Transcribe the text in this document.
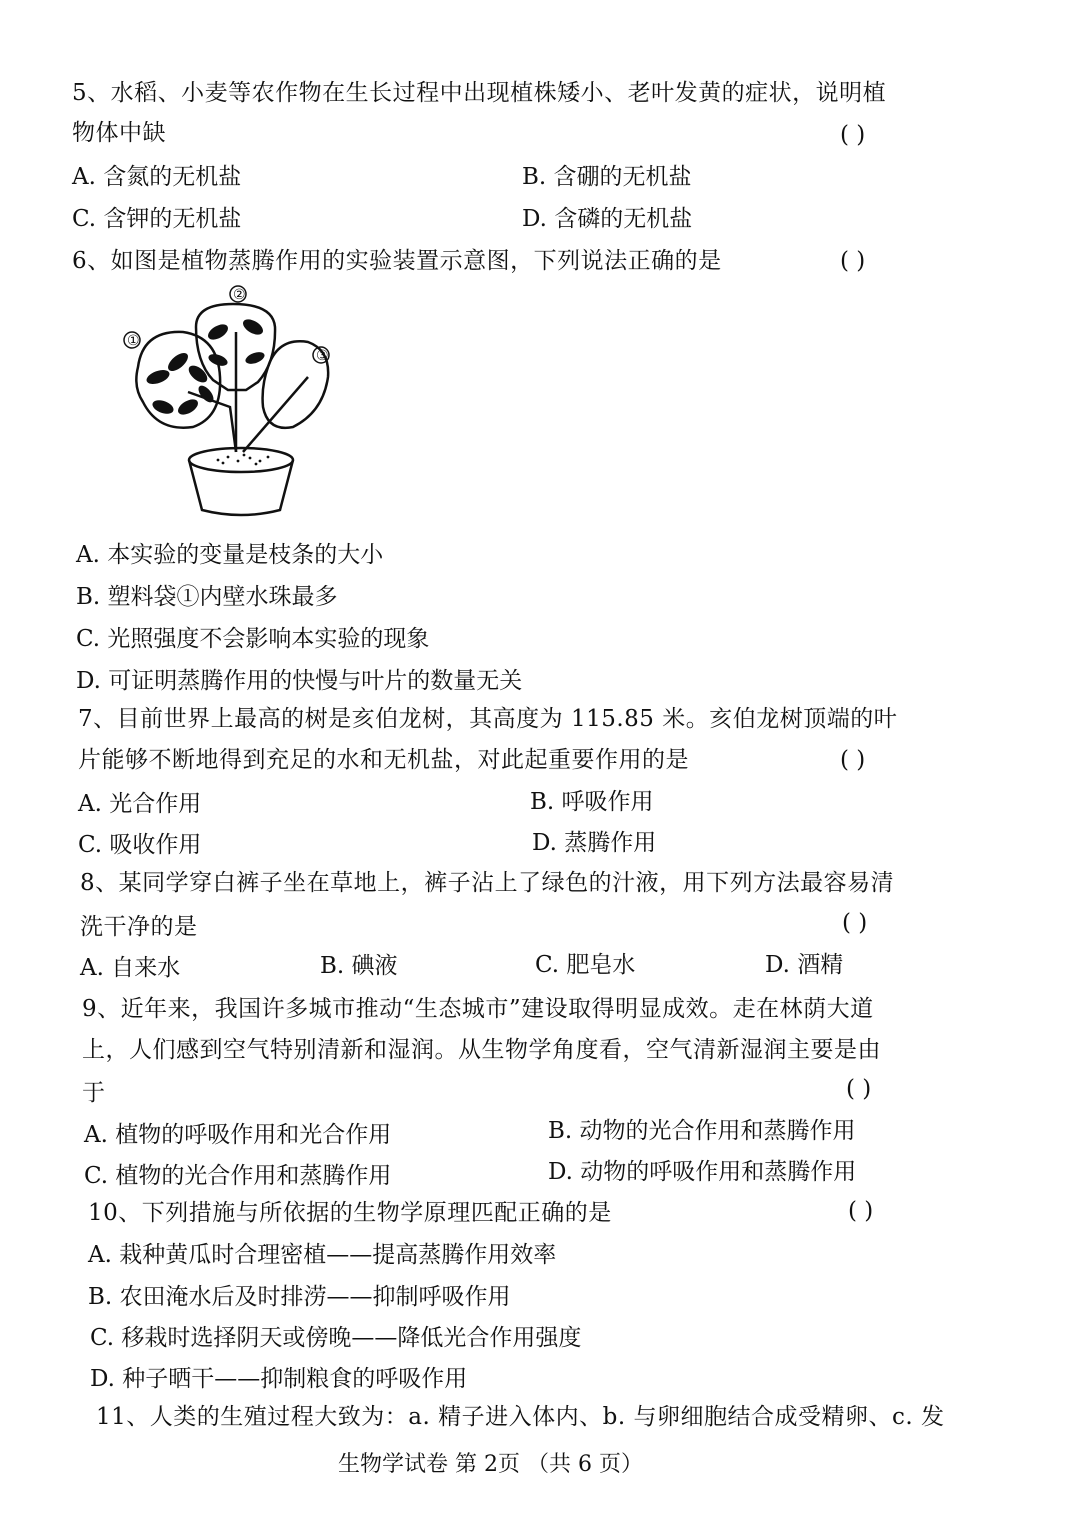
5、水稻、小麦等农作物在生长过程中出现植株矮小、老叶发黄的症状，说明植
物体中缺	( )
A. 含氮的无机盐	B. 含硼的无机盐
C. 含钾的无机盐	D. 含磷的无机盐
6、如图是植物蒸腾作用的实验装置示意图，下列说法正确的是	( )
①
②
③
A. 本实验的变量是枝条的大小
B. 塑料袋①内壁水珠最多
C. 光照强度不会影响本实验的现象
D. 可证明蒸腾作用的快慢与叶片的数量无关
7、目前世界上最高的树是亥伯龙树，其高度为 115.85 米。亥伯龙树顶端的叶
片能够不断地得到充足的水和无机盐，对此起重要作用的是	( )
A. 光合作用	B. 呼吸作用
C. 吸收作用	D. 蒸腾作用
8、某同学穿白裤子坐在草地上，裤子沾上了绿色的汁液，用下列方法最容易清
洗干净的是	( )
A. 自来水	B. 碘液	C. 肥皂水	D. 酒精
9、近年来，我国许多城市推动“生态城市”建设取得明显成效。走在林荫大道
上，人们感到空气特别清新和湿润。从生物学角度看，空气清新湿润主要是由
于	( )
A. 植物的呼吸作用和光合作用	B. 动物的光合作用和蒸腾作用
C. 植物的光合作用和蒸腾作用	D. 动物的呼吸作用和蒸腾作用
10、下列措施与所依据的生物学原理匹配正确的是	( )
A. 栽种黄瓜时合理密植——提高蒸腾作用效率
B. 农田淹水后及时排涝——抑制呼吸作用
C. 移栽时选择阴天或傍晚——降低光合作用强度
D. 种子晒干——抑制粮食的呼吸作用
11、人类的生殖过程大致为：a. 精子进入体内、b. 与卵细胞结合成受精卵、c. 发
生物学试卷 第 2页 （共 6 页）
